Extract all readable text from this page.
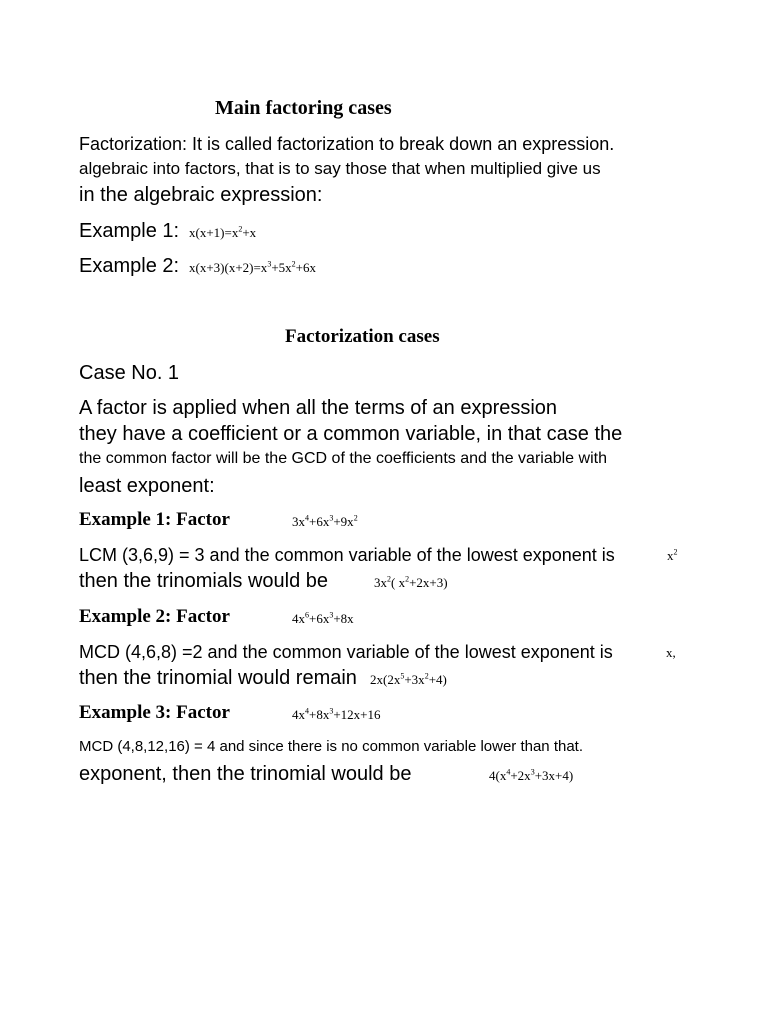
Main factoring cases
Factorization: It is called factorization to break down an expression.
algebraic into factors, that is to say those that when multiplied give us
in the algebraic expression:
Example 1: $x(x+1)=x^2+x$
Example 2: $x(x+3)(x+2)=x^3+5x^2+6x$
Factorization cases
Case No. 1
A factor is applied when all the terms of an expression
they have a coefficient or a common variable, in that case the
the common factor will be the GCD of the coefficients and the variable with
least exponent:
Example 1: Factor	$3x^4+6x^3+9x^2$
LCM (3,6,9) = 3 and the common variable of the lowest exponent is	$x^2$
then the trinomials would be	$3x^2$( $x^2+2x+3$)
Example 2: Factor	$4x^6+6x^3+8x$
MCD (4,6,8) =2 and the common variable of the lowest exponent is	x,
then the trinomial would remain $2x(2x^5+3x^2+4)$
Example 3: Factor	$4x^4+8x^3+12x+16$
MCD (4,8,12,16) = 4 and since there is no common variable lower than that.
exponent, then the trinomial would be	$4(x^4+2x^3+3x+4)$
